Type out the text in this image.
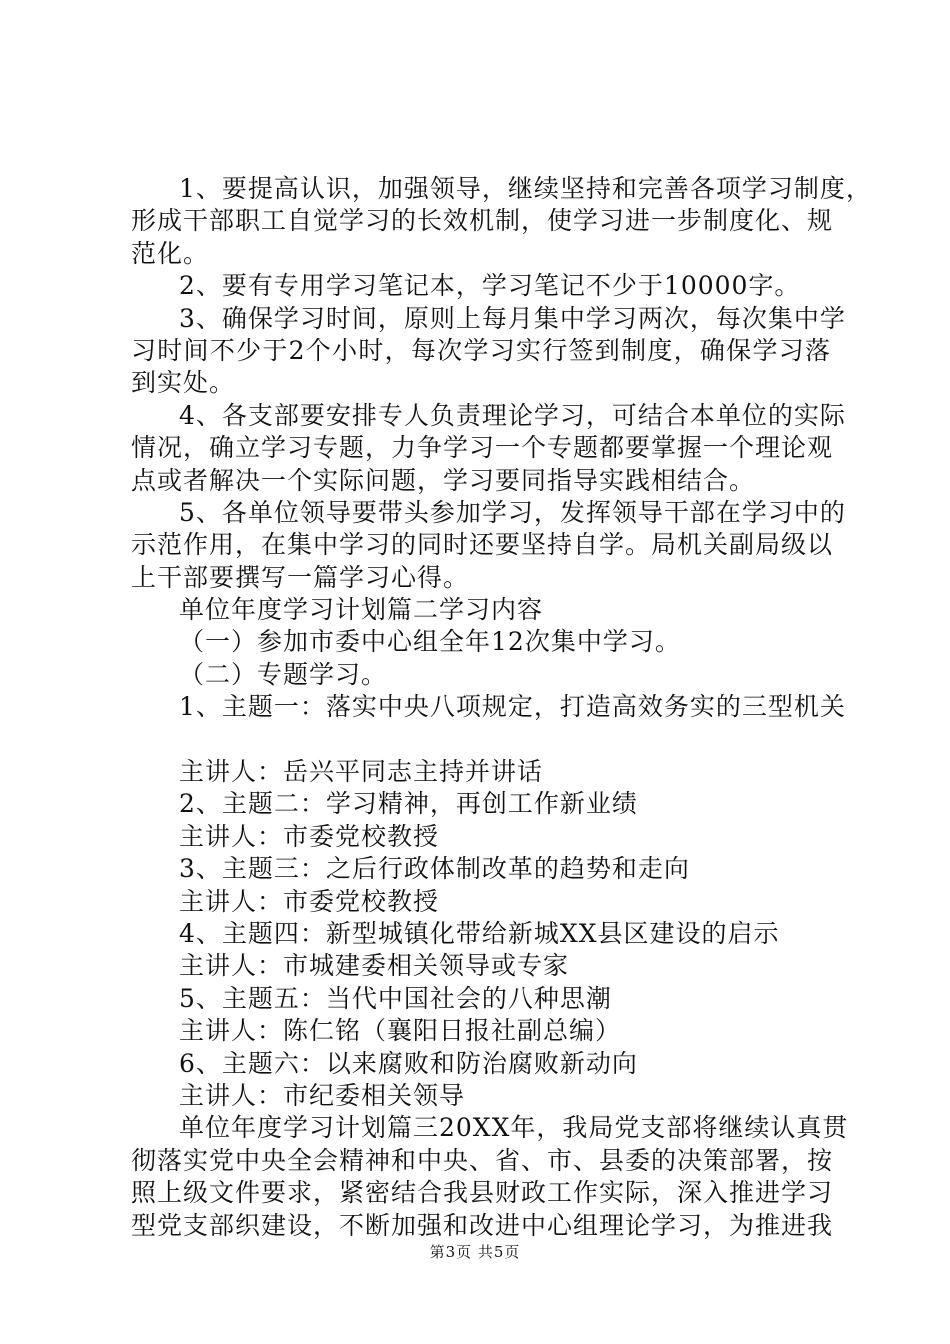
1、要提高认识，加强领导，继续坚持和完善各项学习制度，
形成干部职工自觉学习的长效机制，使学习进一步制度化、规
范化。
2、要有专用学习笔记本，学习笔记不少于10000字。
3、确保学习时间，原则上每月集中学习两次，每次集中学
习时间不少于2个小时，每次学习实行签到制度，确保学习落
到实处。
4、各支部要安排专人负责理论学习，可结合本单位的实际
情况，确立学习专题，力争学习一个专题都要掌握一个理论观
点或者解决一个实际问题，学习要同指导实践相结合。
5、各单位领导要带头参加学习，发挥领导干部在学习中的
示范作用，在集中学习的同时还要坚持自学。局机关副局级以
上干部要撰写一篇学习心得。
单位年度学习计划篇二学习内容
（一）参加市委中心组全年12次集中学习。
（二）专题学习。
1、主题一：落实中央八项规定，打造高效务实的三型机关
主讲人：岳兴平同志主持并讲话
2、主题二：学习精神，再创工作新业绩
主讲人：市委党校教授
3、主题三：之后行政体制改革的趋势和走向
主讲人：市委党校教授
4、主题四：新型城镇化带给新城XX县区建设的启示
主讲人：市城建委相关领导或专家
5、主题五：当代中国社会的八种思潮
主讲人：陈仁铭（襄阳日报社副总编）
6、主题六：以来腐败和防治腐败新动向
主讲人：市纪委相关领导
单位年度学习计划篇三20XX年，我局党支部将继续认真贯
彻落实党中央全会精神和中央、省、市、县委的决策部署，按
照上级文件要求，紧密结合我县财政工作实际，深入推进学习
型党支部织建设，不断加强和改进中心组理论学习，为推进我
第3页 共5页
